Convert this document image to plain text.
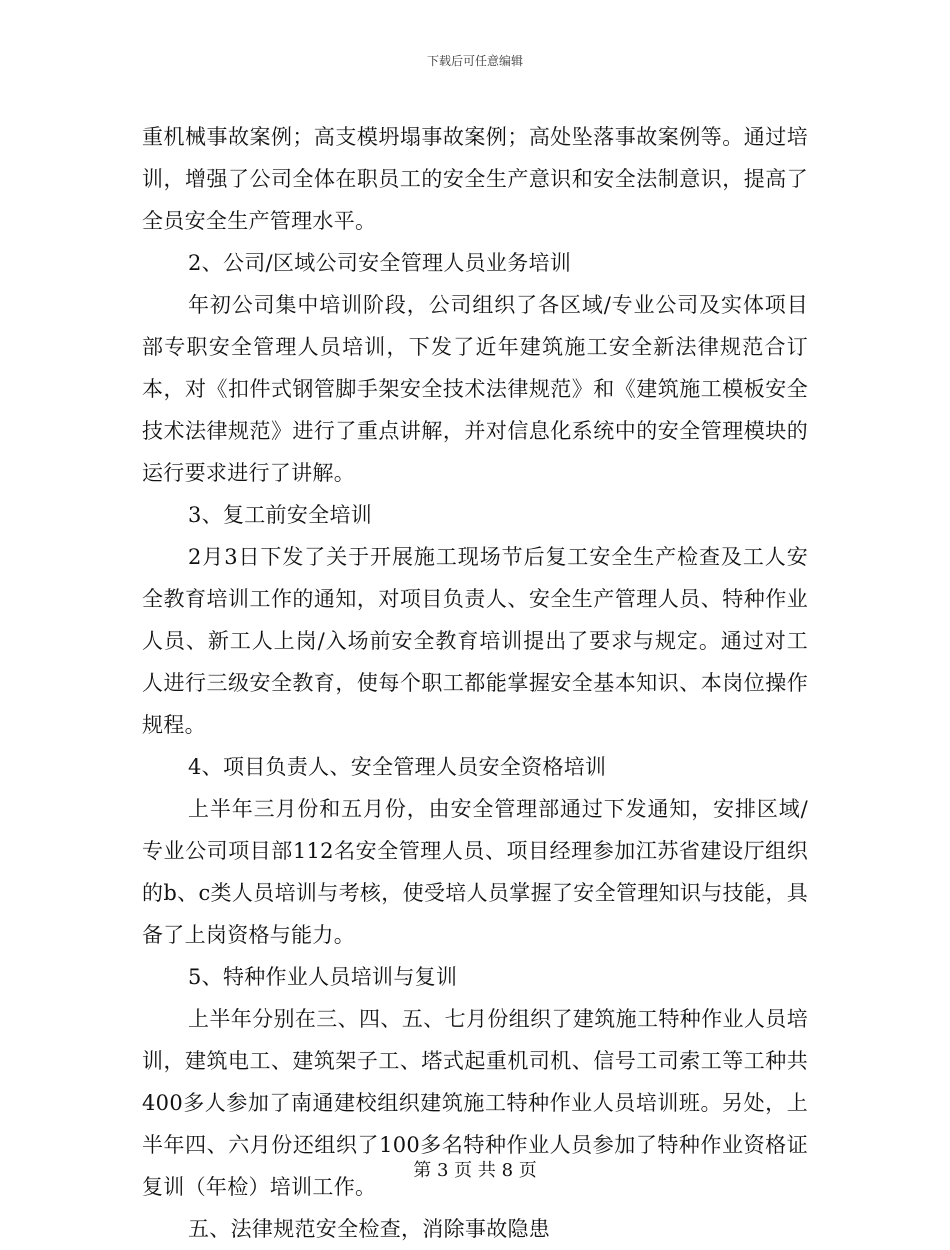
下载后可任意编辑

重机械事故案例；高支模坍塌事故案例；高处坠落事故案例等。通过培训，增强了公司全体在职员工的安全生产意识和安全法制意识，提高了全员安全生产管理水平。

2、公司/区域公司安全管理人员业务培训

年初公司集中培训阶段，公司组织了各区域/专业公司及实体项目部专职安全管理人员培训，下发了近年建筑施工安全新法律规范合订本，对《扣件式钢管脚手架安全技术法律规范》和《建筑施工模板安全技术法律规范》进行了重点讲解，并对信息化系统中的安全管理模块的运行要求进行了讲解。

3、复工前安全培训

2月3日下发了关于开展施工现场节后复工安全生产检查及工人安全教育培训工作的通知，对项目负责人、安全生产管理人员、特种作业人员、新工人上岗/入场前安全教育培训提出了要求与规定。通过对工人进行三级安全教育，使每个职工都能掌握安全基本知识、本岗位操作规程。

4、项目负责人、安全管理人员安全资格培训

上半年三月份和五月份，由安全管理部通过下发通知，安排区域/专业公司项目部112名安全管理人员、项目经理参加江苏省建设厅组织的b、c类人员培训与考核，使受培人员掌握了安全管理知识与技能，具备了上岗资格与能力。

5、特种作业人员培训与复训

上半年分别在三、四、五、七月份组织了建筑施工特种作业人员培训，建筑电工、建筑架子工、塔式起重机司机、信号工司索工等工种共400多人参加了南通建校组织建筑施工特种作业人员培训班。另处，上半年四、六月份还组织了100多名特种作业人员参加了特种作业资格证复训（年检）培训工作。

五、法律规范安全检查，消除事故隐患

第 3 页 共 8 页
